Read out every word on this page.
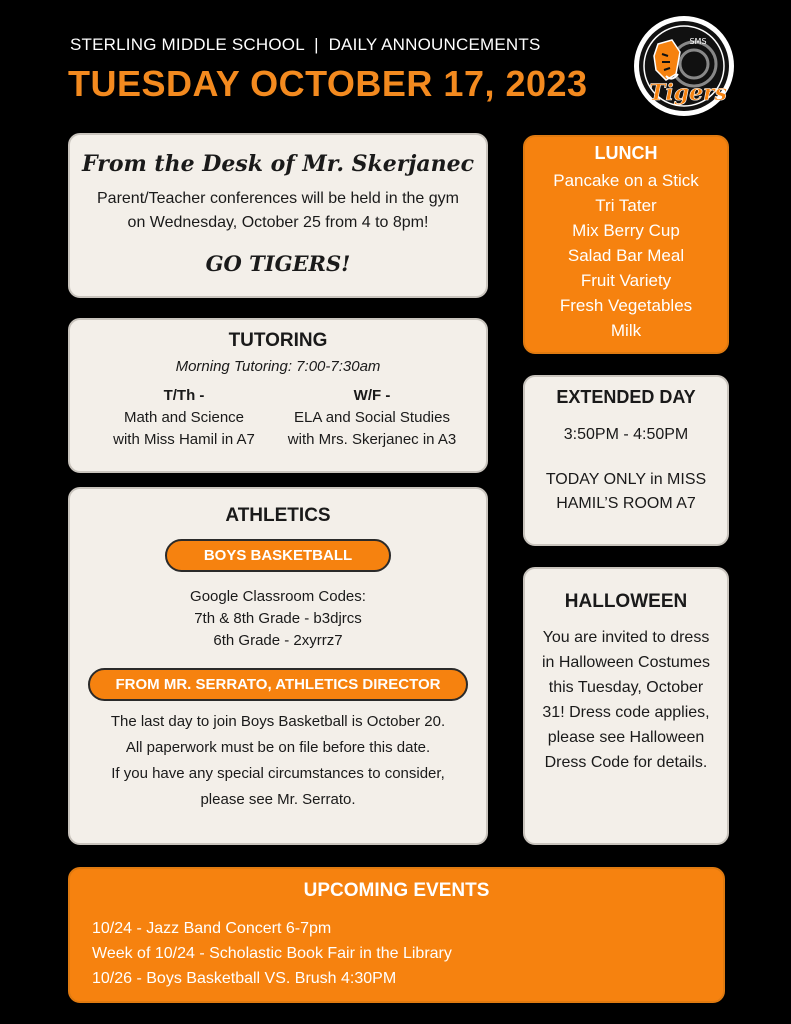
STERLING MIDDLE SCHOOL  |  DAILY ANNOUNCEMENTS
TUESDAY OCTOBER 17, 2023	Tigers
SMS
From the Desk of Mr. Skerjanec
Parent/Teacher conferences will be held in the gym on Wednesday, October 25 from 4 to 8pm!
GO TIGERS!
TUTORING
Morning Tutoring: 7:00-7:30am
T/Th -
Math and Science
with Miss Hamil in A7
W/F -
ELA and Social Studies
with Mrs. Skerjanec in A3
ATHLETICS
BOYS BASKETBALL
Google Classroom Codes:
7th & 8th Grade - b3djrcs
6th Grade - 2xyrrz7
FROM MR. SERRATO, ATHLETICS DIRECTOR
The last day to join Boys Basketball is October 20.
All paperwork must be on file before this date.
If you have any special circumstances to consider,
please see Mr. Serrato.
LUNCH
Pancake on a Stick
Tri Tater
Mix Berry Cup
Salad Bar Meal
Fruit Variety
Fresh Vegetables
Milk
EXTENDED DAY
3:50PM - 4:50PM
TODAY ONLY in MISS HAMIL’S ROOM A7
HALLOWEEN
You are invited to dress in Halloween Costumes this Tuesday, October 31! Dress code applies, please see Halloween Dress Code for details.
UPCOMING EVENTS
10/24 - Jazz Band Concert 6-7pm
Week of 10/24 - Scholastic Book Fair in the Library
10/26 - Boys Basketball VS. Brush 4:30PM
